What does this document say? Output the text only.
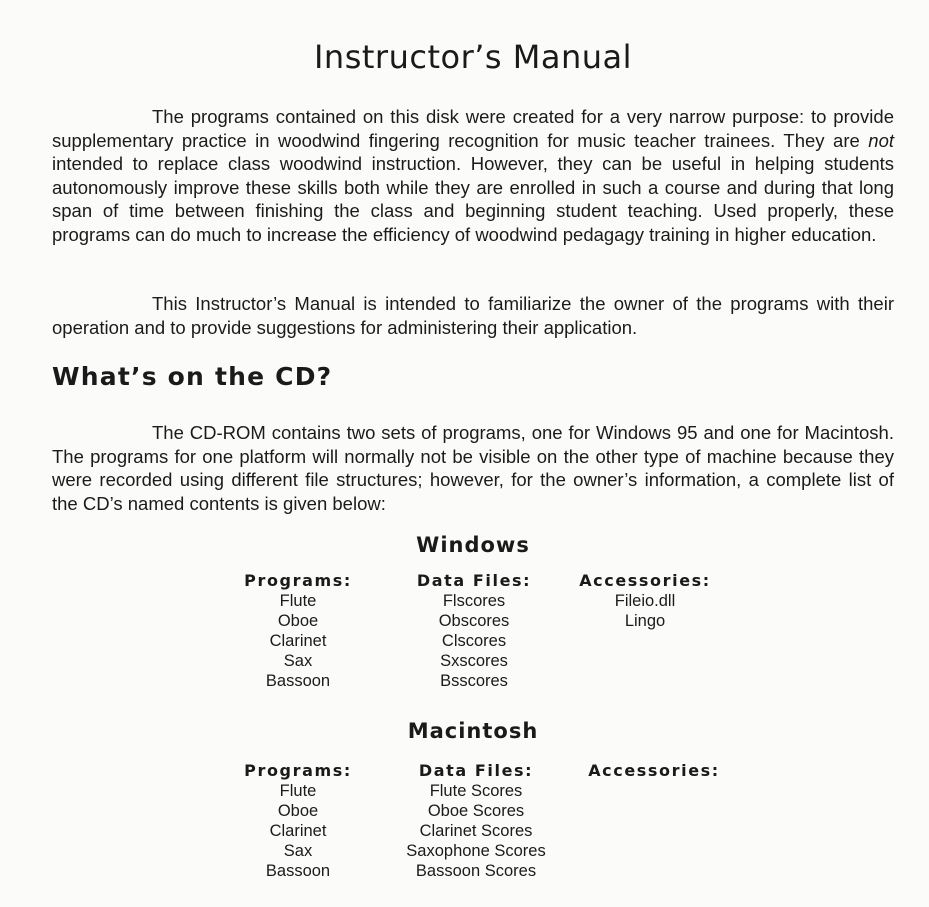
Instructor’s Manual

The programs contained on this disk were created for a very narrow purpose: to provide supplementary practice in woodwind fingering recognition for music teacher trainees. They are not intended to replace class woodwind instruction. However, they can be useful in helping students autonomously improve these skills both while they are enrolled in such a course and during that long span of time between finishing the class and beginning student teaching. Used properly, these programs can do much to increase the efficiency of woodwind pedagagy training in higher education.

This Instructor’s Manual is intended to familiarize the owner of the programs with their operation and to provide suggestions for administering their application.

What’s on the CD?

The CD-ROM contains two sets of programs, one for Windows 95 and one for Macintosh. The programs for one platform will normally not be visible on the other type of machine because they were recorded using different file structures; however, for the owner’s information, a complete list of the CD’s named contents is given below:

Windows
Programs:
Flute
Oboe
Clarinet
Sax
Bassoon
Data Files:
Flscores
Obscores
Clscores
Sxscores
Bsscores
Accessories:
Fileio.dll
Lingo
Macintosh
Programs:
Flute
Oboe
Clarinet
Sax
Bassoon
Data Files:
Flute Scores
Oboe Scores
Clarinet Scores
Saxophone Scores
Bassoon Scores
Accessories:
